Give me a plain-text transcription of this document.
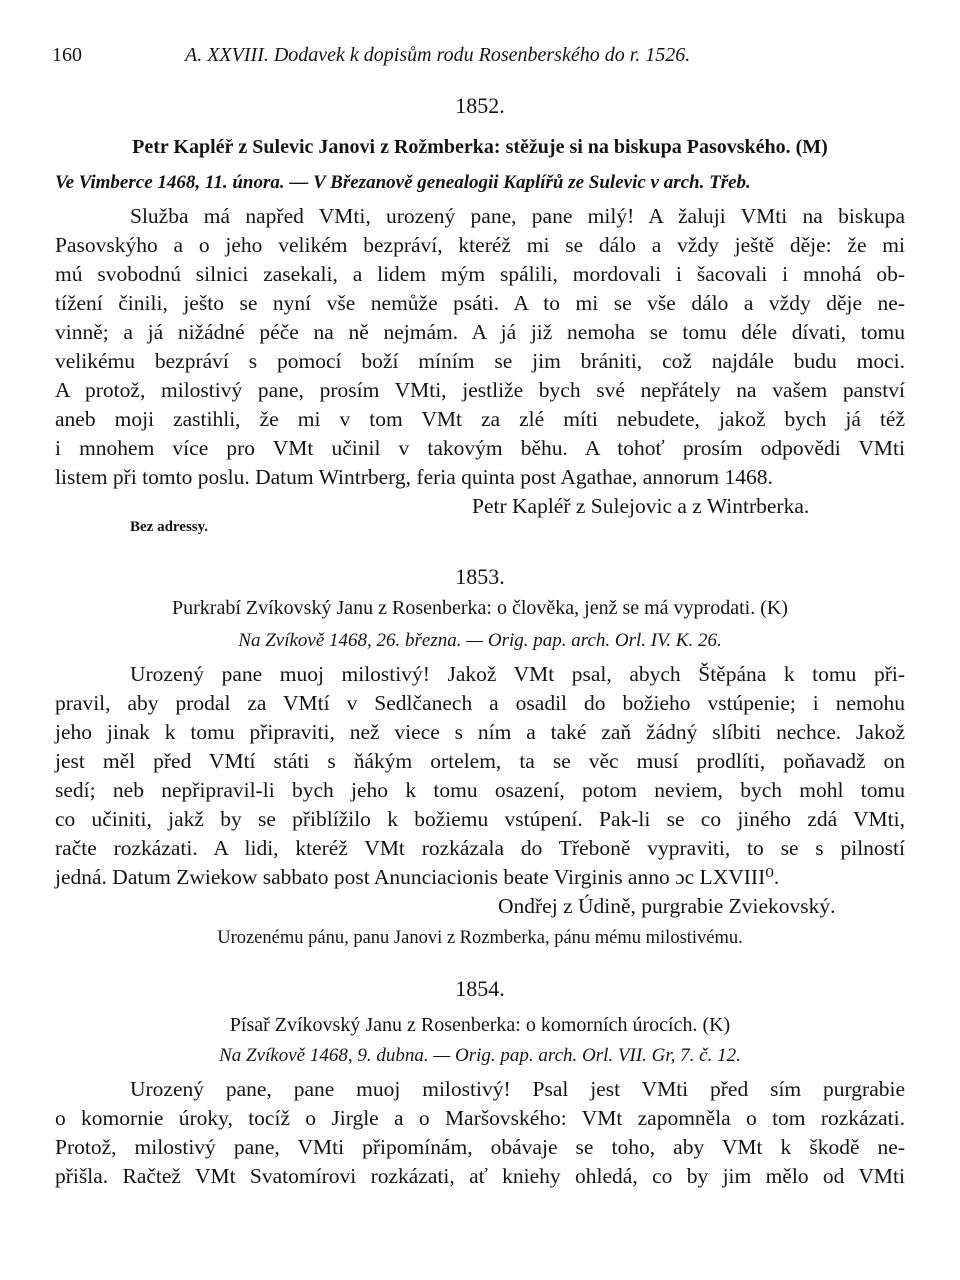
160	A. XXVIII. Dodavek k dopisům rodu Rosenberského do r. 1526.
1852.
Petr Kapléř z Sulevic Janovi z Rožmberka: stěžuje si na biskupa Pasovského. (M)
Ve Vimberce 1468, 11. února. — V Březanově genealogii Kaplířů ze Sulevic v arch. Třeb.
Služba má napřed VMti, urozený pane, pane milý! A žaluji VMti na biskupa
Pasovskýho a o jeho velikém bezpráví, kteréž mi se dálo a vždy ještě děje: že mi
mú svobodnú silnici zasekali, a lidem mým spálili, mordovali i šacovali i mnohá ob-
tížení činili, ješto se nyní vše nemůže psáti. A to mi se vše dálo a vždy děje ne-
vinně; a já nižádné péče na ně nejmám. A já již nemoha se tomu déle dívati, tomu
velikému bezpráví s pomocí boží míním se jim brániti, což najdále budu moci.
A protož, milostivý pane, prosím VMti, jestliže bych své nepřátely na vašem panství
aneb moji zastihli, že mi v tom VMt za zlé míti nebudete, jakož bych já též
i mnohem více pro VMt učinil v takovým běhu. A tohoť prosím odpovědi VMti
listem při tomto poslu. Datum Wintrberg, feria quinta post Agathae, annorum 1468.
Petr Kapléř z Sulejovic a z Wintrberka.
Bez adressy.
1853.
Purkrabí Zvíkovský Janu z Rosenberka: o člověka, jenž se má vyprodati. (K)
Na Zvíkově 1468, 26. března. — Orig. pap. arch. Orl. IV. K. 26.
Urozený pane muoj milostivý! Jakož VMt psal, abych Štěpána k tomu při-
pravil, aby prodal za VMtí v Sedlčanech a osadil do božieho vstúpenie; i nemohu
jeho jinak k tomu připraviti, než viece s ním a také zaň žádný slíbiti nechce. Jakož
jest měl před VMtí státi s ňákým ortelem, ta se věc musí prodlíti, poňavadž on
sedí; neb nepřipravil-li bych jeho k tomu osazení, potom neviem, bych mohl tomu
co učiniti, jakž by se přiblížilo k božiemu vstúpení. Pak-li se co jiného zdá VMti,
račte rozkázati. A lidi, kteréž VMt rozkázala do Třeboně vypraviti, to se s pilností
jedná. Datum Zwiekow sabbato post Anunciacionis beate Virginis anno ɔc LXVIII⁰.
Ondřej z Údině, purgrabie Zviekovský.
Urozenému pánu, panu Janovi z Rozmberka, pánu mému milostivému.
1854.
Písař Zvíkovský Janu z Rosenberka: o komorních úrocích. (K)
Na Zvíkově 1468, 9. dubna. — Orig. pap. arch. Orl. VII. Gr, 7. č. 12.
Urozený pane, pane muoj milostivý! Psal jest VMti před sím purgrabie
o komornie úroky, tocíž o Jirgle a o Maršovského: VMt zapomněla o tom rozkázati.
Protož, milostivý pane, VMti připomínám, obávaje se toho, aby VMt k škodě ne-
přišla. Račtež VMt Svatomírovi rozkázati, ať kniehy ohledá, co by jim mělo od VMti
